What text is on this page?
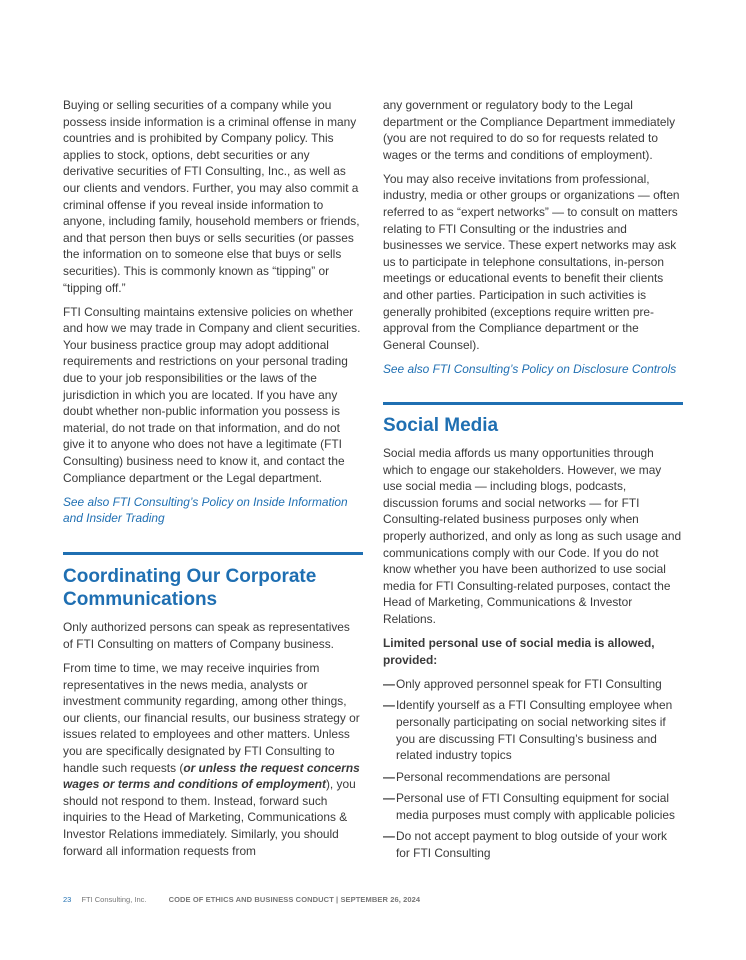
Buying or selling securities of a company while you possess inside information is a criminal offense in many countries and is prohibited by Company policy. This applies to stock, options, debt securities or any derivative securities of FTI Consulting, Inc., as well as our clients and vendors. Further, you may also commit a criminal offense if you reveal inside information to anyone, including family, household members or friends, and that person then buys or sells securities (or passes the information on to someone else that buys or sells securities). This is commonly known as “tipping” or “tipping off.”

FTI Consulting maintains extensive policies on whether and how we may trade in Company and client securities. Your business practice group may adopt additional requirements and restrictions on your personal trading due to your job responsibilities or the laws of the jurisdiction in which you are located. If you have any doubt whether non-public information you possess is material, do not trade on that information, and do not give it to anyone who does not have a legitimate (FTI Consulting) business need to know it, and contact the Compliance department or the Legal department.

See also FTI Consulting’s Policy on Inside Information and Insider Trading
Coordinating Our Corporate Communications

Only authorized persons can speak as representatives of FTI Consulting on matters of Company business.

From time to time, we may receive inquiries from representatives in the news media, analysts or investment community regarding, among other things, our clients, our financial results, our business strategy or issues related to employees and other matters. Unless you are specifically designated by FTI Consulting to handle such requests (or unless the request concerns wages or terms and conditions of employment), you should not respond to them. Instead, forward such inquiries to the Head of Marketing, Communications & Investor Relations immediately. Similarly, you should forward all information requests from

any government or regulatory body to the Legal department or the Compliance Department immediately (you are not required to do so for requests related to wages or the terms and conditions of employment).

You may also receive invitations from professional, industry, media or other groups or organizations — often referred to as “expert networks” — to consult on matters relating to FTI Consulting or the industries and businesses we service. These expert networks may ask us to participate in telephone consultations, in-person meetings or educational events to benefit their clients and other parties. Participation in such activities is generally prohibited (exceptions require written pre-approval from the Compliance department or the General Counsel).

See also FTI Consulting’s Policy on Disclosure Controls
Social Media

Social media affords us many opportunities through which to engage our stakeholders. However, we may use social media — including blogs, podcasts, discussion forums and social networks — for FTI Consulting-related business purposes only when properly authorized, and only as long as such usage and communications comply with our Code. If you do not know whether you have been authorized to use social media for FTI Consulting-related purposes, contact the Head of Marketing, Communications & Investor Relations.

Limited personal use of social media is allowed, provided:

— Only approved personnel speak for FTI Consulting
— Identify yourself as a FTI Consulting employee when personally participating on social networking sites if you are discussing FTI Consulting’s business and related industry topics
— Personal recommendations are personal
— Personal use of FTI Consulting equipment for social media purposes must comply with applicable policies
— Do not accept payment to blog outside of your work for FTI Consulting
23 FTI Consulting, Inc.	CODE OF ETHICS AND BUSINESS CONDUCT | SEPTEMBER 26, 2024
